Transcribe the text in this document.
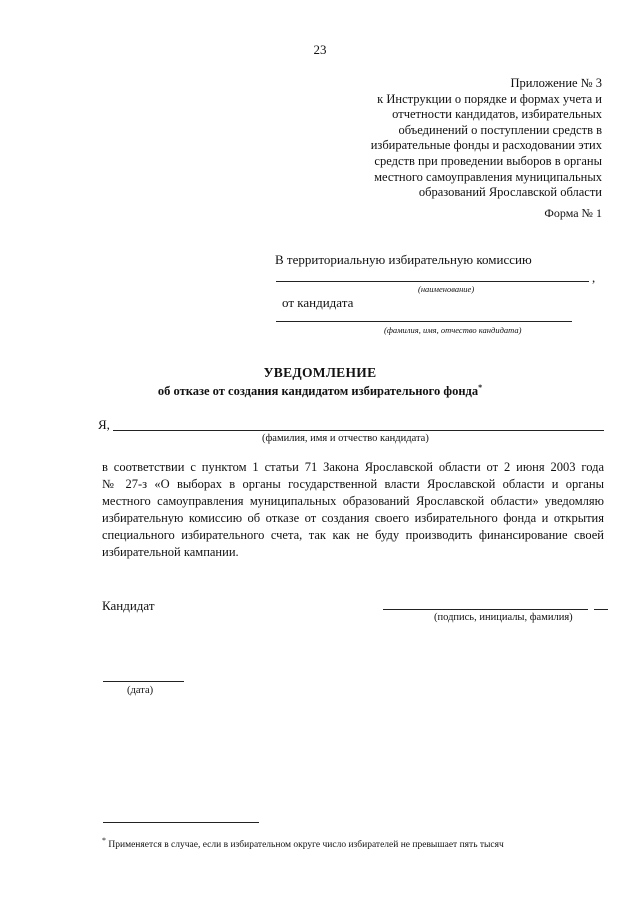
23
Приложение № 3
к Инструкции о порядке и формах учета и
отчетности кандидатов, избирательных
объединений о поступлении средств в
избирательные фонды и расходовании этих
средств при проведении выборов в органы
местного самоуправления муниципальных
образований Ярославской области
Форма № 1
В территориальную избирательную комиссию
,
(наименование)
от кандидата
(фамилия, имя, отчество кандидата)
УВЕДОМЛЕНИЕ
об отказе от создания кандидатом избирательного фонда*
Я,
(фамилия, имя и отчество кандидата)
в соответствии с пунктом 1 статьи 71 Закона Ярославской области от 2 июня 2003 года
№ 27-з «О выборах в органы государственной власти Ярославской области и органы
местного самоуправления муниципальных образований Ярославской области» уведомляю
избирательную комиссию об отказе от создания своего избирательного фонда и открытия
специального избирательного счета, так как не буду производить финансирование своей
избирательной кампании.
Кандидат
(подпись, инициалы, фамилия)
(дата)
* Применяется в случае, если в избирательном округе число избирателей не превышает пять тысяч
